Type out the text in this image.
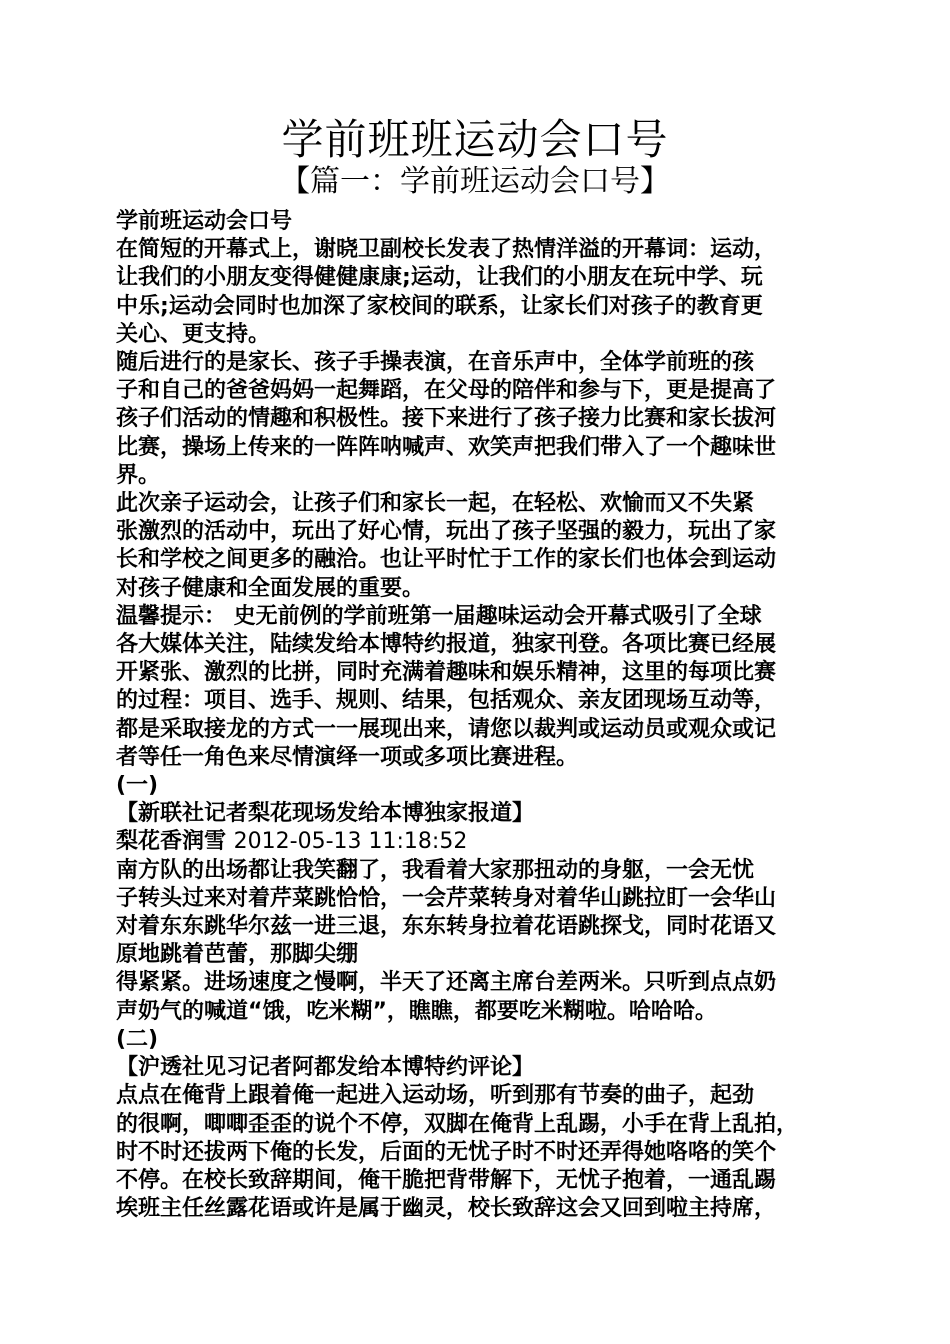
学前班班运动会口号
【篇一：学前班运动会口号】
学前班运动会口号
在简短的开幕式上，谢晓卫副校长发表了热情洋溢的开幕词：运动，
让我们的小朋友变得健健康康;运动，让我们的小朋友在玩中学、玩
中乐;运动会同时也加深了家校间的联系，让家长们对孩子的教育更
关心、更支持。
随后进行的是家长、孩子手操表演，在音乐声中，全体学前班的孩
子和自己的爸爸妈妈一起舞蹈，在父母的陪伴和参与下，更是提高了
孩子们活动的情趣和积极性。接下来进行了孩子接力比赛和家长拔河
比赛，操场上传来的一阵阵呐喊声、欢笑声把我们带入了一个趣味世
界。
此次亲子运动会，让孩子们和家长一起，在轻松、欢愉而又不失紧
张激烈的活动中，玩出了好心情，玩出了孩子坚强的毅力，玩出了家
长和学校之间更多的融洽。也让平时忙于工作的家长们也体会到运动
对孩子健康和全面发展的重要。
温馨提示： 史无前例的学前班第一届趣味运动会开幕式吸引了全球
各大媒体关注，陆续发给本博特约报道，独家刊登。各项比赛已经展
开紧张、激烈的比拼，同时充满着趣味和娱乐精神，这里的每项比赛
的过程：项目、选手、规则、结果，包括观众、亲友团现场互动等，
都是采取接龙的方式一一展现出来，请您以裁判或运动员或观众或记
者等任一角色来尽情演绎一项或多项比赛进程。
(一)
【新联社记者梨花现场发给本博独家报道】
梨花香润雪 2012-05-13 11:18:52
南方队的出场都让我笑翻了，我看着大家那扭动的身躯，一会无忧
子转头过来对着芹菜跳恰恰，一会芹菜转身对着华山跳拉盯一会华山
对着东东跳华尔兹一进三退，东东转身拉着花语跳探戈，同时花语又
原地跳着芭蕾，那脚尖绷
得紧紧。进场速度之慢啊，半天了还离主席台差两米。只听到点点奶
声奶气的喊道“饿，吃米糊”，瞧瞧，都要吃米糊啦。哈哈哈。
(二)
【沪透社见习记者阿都发给本博特约评论】
点点在俺背上跟着俺一起进入运动场，听到那有节奏的曲子，起劲
的很啊，唧唧歪歪的说个不停，双脚在俺背上乱踢，小手在背上乱拍，
时不时还拔两下俺的长发，后面的无忧子时不时还弄得她咯咯的笑个
不停。在校长致辞期间，俺干脆把背带解下，无忧子抱着，一通乱踢
埃班主任丝露花语或许是属于幽灵，校长致辞这会又回到啦主持席，
